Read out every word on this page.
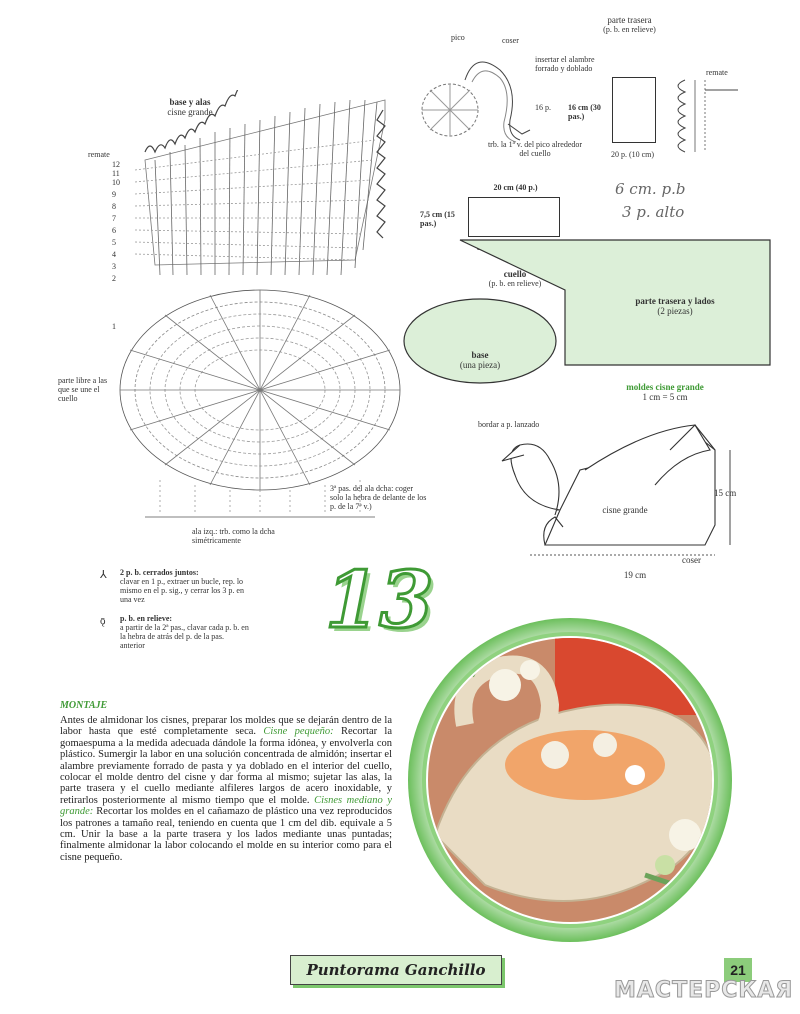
base y alas
cisne grande
remate
12
11
10
9
8
7
6
5
4
3
2
1
parte libre a las que se une el cuello
3ª pas. del ala dcha: coger solo la hebra de delante de los p. de la 7ª v.)
ala izq.: trb. como la dcha simétricamente
⅄ 2 p. b. cerrados juntos:
clavar en 1 p., extraer un bucle, rep. lo mismo en el p. sig., y cerrar los 3 p. en una vez
ǭ p. b. en relieve:
a partir de la 2ª pas., clavar cada p. b. en la hebra de atrás del p. de la pas. anterior
pico	coser
insertar el alambre forrado y doblado
16 p.
trb. la 1ª v. del pico alrededor del cuello
parte trasera
(p. b. en relieve)
16 cm (30 pas.)
20 p. (10 cm)
remate
20 cm (40 p.)
7,5 cm (15 pas.)
cuello
(p. b. en relieve)
6 cm. p.b
3 p. alto
parte trasera y lados
(2 piezas)
base
(una pieza)
moldes cisne grande
1 cm = 5 cm
bordar a p. lanzado
cisne grande
15 cm
19 cm
coser
13
MONTAJE
Antes de almidonar los cisnes, preparar los moldes que se dejarán dentro de la labor hasta que esté completamente seca. Cisne pequeño: Recortar la gomaespuma a la medida adecuada dándole la forma idónea, y envolverla con plástico. Sumergir la labor en una solución concentrada de almidón; insertar el alambre previamente forrado de pasta y ya doblado en el interior del cuello, colocar el molde dentro del cisne y dar forma al mismo; sujetar las alas, la parte trasera y el cuello mediante alfileres largos de acero inoxidable, y retirarlos posteriormente al mismo tiempo que el molde. Cisnes mediano y grande: Recortar los moldes en el cañamazo de plástico una vez reproducidos los patrones a tamaño real, teniendo en cuenta que 1 cm del dib. equivale a 5 cm. Unir la base a la parte trasera y los lados mediante unas puntadas; finalmente almidonar la labor colocando el molde en su interior como para el cisne pequeño.
Puntorama Ganchillo	21
МАСТЕРСКАЯ
